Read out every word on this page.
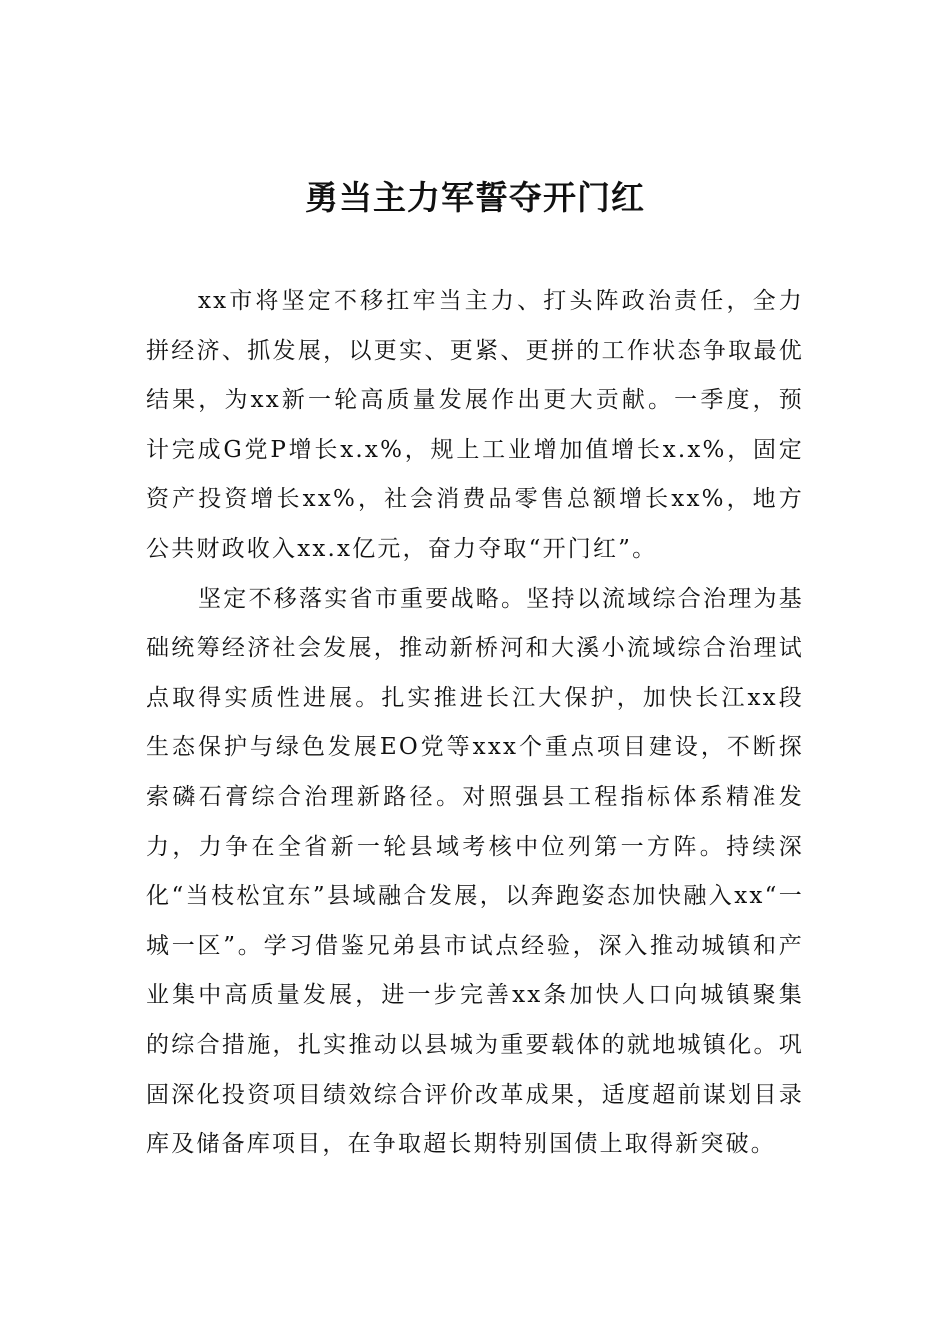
勇当主力军誓夺开门红

xx市将坚定不移扛牢当主力、打头阵政治责任，全力拼经济、抓发展，以更实、更紧、更拼的工作状态争取最优结果，为xx新一轮高质量发展作出更大贡献。一季度，预计完成G党P增长x.x%，规上工业增加值增长x.x%，固定资产投资增长xx%，社会消费品零售总额增长xx%，地方公共财政收入xx.x亿元，奋力夺取“开门红”。

坚定不移落实省市重要战略。坚持以流域综合治理为基础统筹经济社会发展，推动新桥河和大溪小流域综合治理试点取得实质性进展。扎实推进长江大保护，加快长江xx段生态保护与绿色发展EO党等xxx个重点项目建设，不断探索磷石膏综合治理新路径。对照强县工程指标体系精准发力，力争在全省新一轮县域考核中位列第一方阵。持续深化“当枝松宜东”县域融合发展，以奔跑姿态加快融入xx“一城一区”。学习借鉴兄弟县市试点经验，深入推动城镇和产业集中高质量发展，进一步完善xx条加快人口向城镇聚集的综合措施，扎实推动以县城为重要载体的就地城镇化。巩固深化投资项目绩效综合评价改革成果，适度超前谋划目录库及储备库项目，在争取超长期特别国债上取得新突破。
